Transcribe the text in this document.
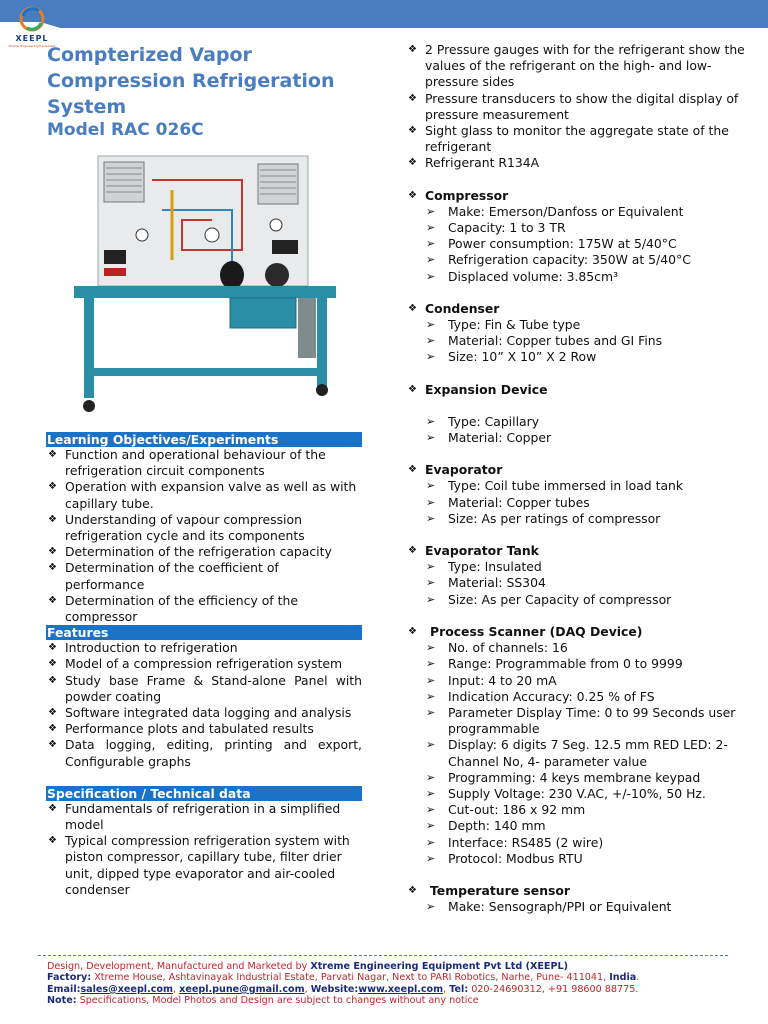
XEEPL
Xtreme Engineering Equipment
Compterized Vapor Compression Refrigeration System
Model RAC 026C
Learning Objectives/Experiments
❖ Function and operational behaviour of the refrigeration circuit components
❖ Operation with expansion valve as well as with capillary tube.
❖ Understanding of vapour compression refrigeration cycle and its components
❖ Determination of the refrigeration capacity
❖ Determination of the coefficient of performance
❖ Determination of the efficiency of the compressor
Features
❖ Introduction to refrigeration
❖ Model of a compression refrigeration system
❖ Study base Frame & Stand-alone Panel with powder coating
❖ Software integrated data logging and analysis
❖ Performance plots and tabulated results
❖ Data logging, editing, printing and export, Configurable graphs
Specification / Technical data
❖ Fundamentals of refrigeration in a simplified model
❖ Typical compression refrigeration system with piston compressor, capillary tube, filter drier unit, dipped type evaporator and air-cooled condenser
❖ 2 Pressure gauges with for the refrigerant show the values of the refrigerant on the high- and low-pressure sides
❖ Pressure transducers to show the digital display of pressure measurement
❖ Sight glass to monitor the aggregate state of the refrigerant
❖ Refrigerant R134A
❖ Compressor
➢ Make: Emerson/Danfoss or Equivalent
➢ Capacity: 1 to 3 TR
➢ Power consumption: 175W at 5/40°C
➢ Refrigeration capacity: 350W at 5/40°C
➢ Displaced volume: 3.85cm³
❖ Condenser
➢ Type: Fin & Tube type
➢ Material: Copper tubes and GI Fins
➢ Size: 10” X 10” X 2 Row
❖ Expansion Device
➢ Type: Capillary
➢ Material: Copper
❖ Evaporator
➢ Type: Coil tube immersed in load tank
➢ Material: Copper tubes
➢ Size: As per ratings of compressor
❖ Evaporator Tank
➢ Type: Insulated
➢ Material: SS304
➢ Size: As per Capacity of compressor
❖ Process Scanner (DAQ Device)
➢ No. of channels: 16
➢ Range: Programmable from 0 to 9999
➢ Input: 4 to 20 mA
➢ Indication Accuracy: 0.25 % of FS
➢ Parameter Display Time: 0 to 99 Seconds user programmable
➢ Display: 6 digits 7 Seg. 12.5 mm RED LED: 2-Channel No, 4- parameter value
➢ Programming: 4 keys membrane keypad
➢ Supply Voltage: 230 V.AC, +/-10%, 50 Hz.
➢ Cut-out: 186 x 92 mm
➢ Depth: 140 mm
➢ Interface: RS485 (2 wire)
➢ Protocol: Modbus RTU
❖ Temperature sensor
➢ Make: Sensograph/PPI or Equivalent
Design, Development, Manufactured and Marketed by Xtreme Engineering Equipment Pvt Ltd (XEEPL)
Factory: Xtreme House, Ashtavinayak Industrial Estate, Parvati Nagar, Next to PARI Robotics, Narhe, Pune- 411041, India.
Email:sales@xeepl.com, xeepl.pune@gmail.com, Website:www.xeepl.com, Tel: 020-24690312, +91 98600 88775.
Note: Specifications, Model Photos and Design are subject to changes without any notice
